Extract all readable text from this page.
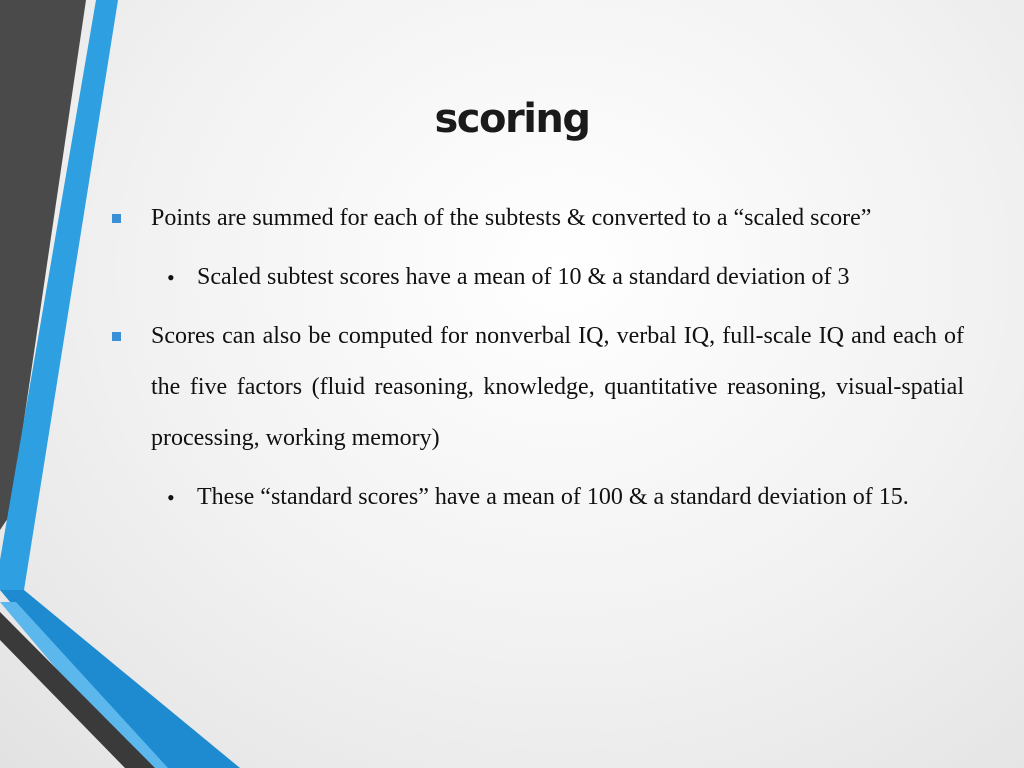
scoring
Points are summed for each of the subtests & converted to a “scaled score”
• Scaled subtest scores have a mean of 10 & a standard deviation of 3
Scores can also be computed for nonverbal IQ, verbal IQ, full-scale IQ and each of the five factors (fluid reasoning, knowledge, quantitative reasoning, visual-spatial processing, working memory)
• These “standard scores” have a mean of 100 & a standard deviation of 15.
